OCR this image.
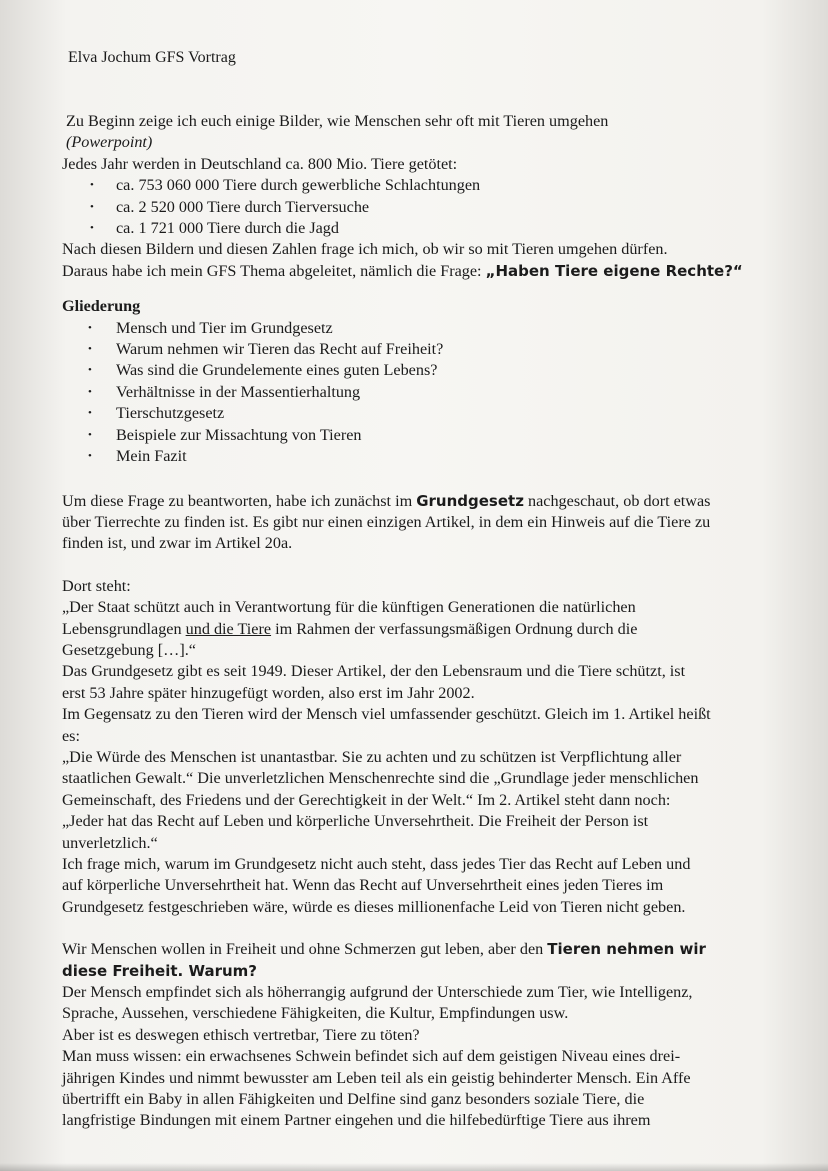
Elva Jochum GFS Vortrag
Zu Beginn zeige ich euch einige Bilder, wie Menschen sehr oft mit Tieren umgehen
(Powerpoint)
Jedes Jahr werden in Deutschland ca. 800 Mio. Tiere getötet:
• ca. 753 060 000 Tiere durch gewerbliche Schlachtungen
• ca. 2 520 000 Tiere durch Tierversuche
• ca. 1 721 000 Tiere durch die Jagd
Nach diesen Bildern und diesen Zahlen frage ich mich, ob wir so mit Tieren umgehen dürfen.
Daraus habe ich mein GFS Thema abgeleitet, nämlich die Frage: „Haben Tiere eigene Rechte?“
Gliederung
• Mensch und Tier im Grundgesetz
• Warum nehmen wir Tieren das Recht auf Freiheit?
• Was sind die Grundelemente eines guten Lebens?
• Verhältnisse in der Massentierhaltung
• Tierschutzgesetz
• Beispiele zur Missachtung von Tieren
• Mein Fazit
Um diese Frage zu beantworten, habe ich zunächst im Grundgesetz nachgeschaut, ob dort etwas
über Tierrechte zu finden ist. Es gibt nur einen einzigen Artikel, in dem ein Hinweis auf die Tiere zu
finden ist, und zwar im Artikel 20a.
Dort steht:
„Der Staat schützt auch in Verantwortung für die künftigen Generationen die natürlichen
Lebensgrundlagen und die Tiere im Rahmen der verfassungsmäßigen Ordnung durch die
Gesetzgebung […].“
Das Grundgesetz gibt es seit 1949. Dieser Artikel, der den Lebensraum und die Tiere schützt, ist
erst 53 Jahre später hinzugefügt worden, also erst im Jahr 2002.
Im Gegensatz zu den Tieren wird der Mensch viel umfassender geschützt. Gleich im 1. Artikel heißt
es:
„Die Würde des Menschen ist unantastbar. Sie zu achten und zu schützen ist Verpflichtung aller
staatlichen Gewalt.“ Die unverletzlichen Menschenrechte sind die „Grundlage jeder menschlichen
Gemeinschaft, des Friedens und der Gerechtigkeit in der Welt.“ Im 2. Artikel steht dann noch:
„Jeder hat das Recht auf Leben und körperliche Unversehrtheit. Die Freiheit der Person ist
unverletzlich.“
Ich frage mich, warum im Grundgesetz nicht auch steht, dass jedes Tier das Recht auf Leben und
auf körperliche Unversehrtheit hat. Wenn das Recht auf Unversehrtheit eines jeden Tieres im
Grundgesetz festgeschrieben wäre, würde es dieses millionenfache Leid von Tieren nicht geben.
Wir Menschen wollen in Freiheit und ohne Schmerzen gut leben, aber den Tieren nehmen wir
diese Freiheit. Warum?
Der Mensch empfindet sich als höherrangig aufgrund der Unterschiede zum Tier, wie Intelligenz,
Sprache, Aussehen, verschiedene Fähigkeiten, die Kultur, Empfindungen usw.
Aber ist es deswegen ethisch vertretbar, Tiere zu töten?
Man muss wissen: ein erwachsenes Schwein befindet sich auf dem geistigen Niveau eines drei-
jährigen Kindes und nimmt bewusster am Leben teil als ein geistig behinderter Mensch. Ein Affe
übertrifft ein Baby in allen Fähigkeiten und Delfine sind ganz besonders soziale Tiere, die
langfristige Bindungen mit einem Partner eingehen und die hilfebedürftige Tiere aus ihrem
